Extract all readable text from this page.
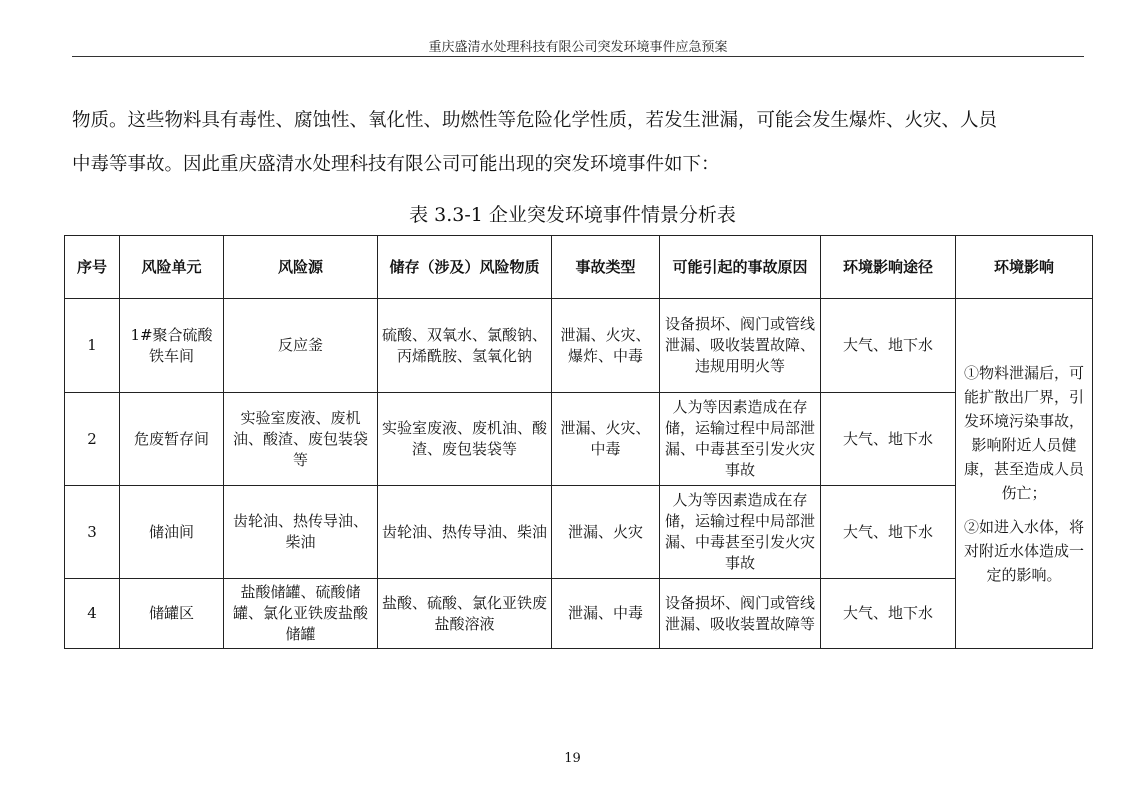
重庆盛清水处理科技有限公司突发环境事件应急预案
物质。这些物料具有毒性、腐蚀性、氧化性、助燃性等危险化学性质，若发生泄漏，可能会发生爆炸、火灾、人员
中毒等事故。因此重庆盛清水处理科技有限公司可能出现的突发环境事件如下：
表 3.3-1 企业突发环境事件情景分析表
序号	风险单元	风险源	储存（涉及）风险物质	事故类型	可能引起的事故原因	环境影响途径	环境影响
1	1#聚合硫酸铁车间	反应釜	硫酸、双氧水、氯酸钠、丙烯酰胺、氢氧化钠	泄漏、火灾、爆炸、中毒	设备损坏、阀门或管线泄漏、吸收装置故障、违规用明火等	大气、地下水	①物料泄漏后，可能扩散出厂界，引发环境污染事故，影响附近人员健康，甚至造成人员伤亡；
②如进入水体，将对附近水体造成一定的影响。

2	危废暂存间	实验室废液、废机油、酸渣、废包装袋等	实验室废液、废机油、酸渣、废包装袋等	泄漏、火灾、中毒	人为等因素造成在存储，运输过程中局部泄漏、中毒甚至引发火灾事故	大气、地下水	
3	储油间	齿轮油、热传导油、柴油	齿轮油、热传导油、柴油	泄漏、火灾	人为等因素造成在存储，运输过程中局部泄漏、中毒甚至引发火灾事故	大气、地下水	
4	储罐区	盐酸储罐、硫酸储罐、氯化亚铁废盐酸储罐	盐酸、硫酸、氯化亚铁废盐酸溶液	泄漏、中毒	设备损坏、阀门或管线泄漏、吸收装置故障等	大气、地下水	
19
